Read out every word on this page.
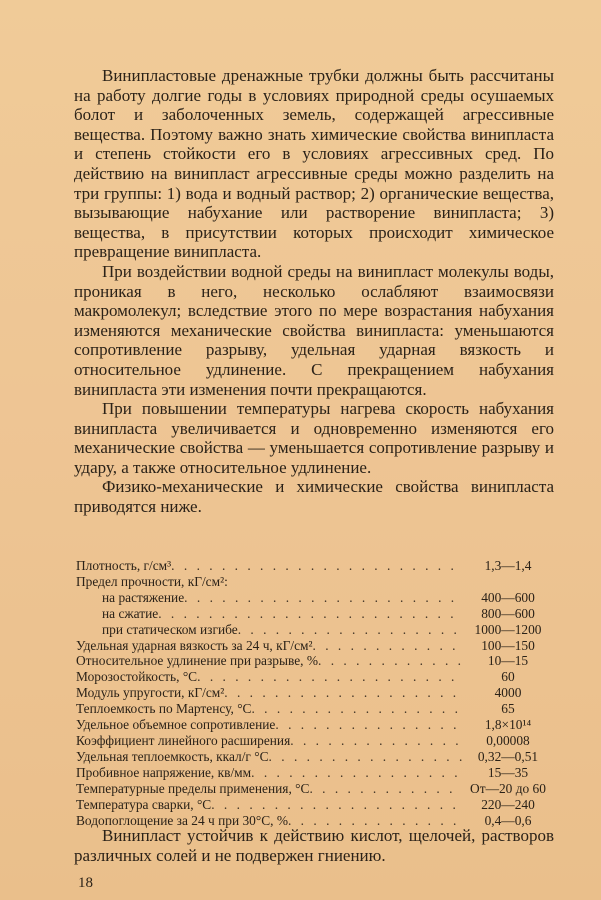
Винипластовые дренажные трубки должны быть рассчитаны на работу долгие годы в условиях природной среды осушаемых болот и заболоченных земель, содержащей агрессивные вещества. Поэтому важно знать химические свойства винипласта и степень стойкости его в условиях агрессивных сред. По действию на винипласт агрессивные среды можно разделить на три группы: 1) вода и водный раствор; 2) органические вещества, вызывающие набухание или растворение винипласта; 3) вещества, в присутствии которых происходит химическое превращение винипласта.

При воздействии водной среды на винипласт молекулы воды, проникая в него, несколько ослабляют взаимосвязи макромолекул; вследствие этого по мере возрастания набухания изменяются механические свойства винипласта: уменьшаются сопротивление разрыву, удельная ударная вязкость и относительное удлинение. С прекращением набухания винипласта эти изменения почти прекращаются.

При повышении температуры нагрева скорость набухания винипласта увеличивается и одновременно изменяются его механические свойства — уменьшается сопротивление разрыву и удару, а также относительное удлинение.

Физико-механические и химические свойства винипласта приводятся ниже.

Плотность, г/см³ . . .	1,3—1,4
Предел прочности, кГ/см²:
на растяжение . . .	400—600
на сжатие . . .	800—600
при статическом изгибе . . .	1000—1200
Удельная ударная вязкость за 24 ч, кГ/см² . . .	100—150
Относительное удлинение при разрыве, % . . .	10—15
Морозостойкость, °С . . .	60
Модуль упругости, кГ/см² . . .	4000
Теплоемкость по Мартенсу, °С . . .	65
Удельное объемное сопротивление . . .	1,8×10¹⁴
Коэффициент линейного расширения . . .	0,00008
Удельная теплоемкость, ккал/г °С . . .	0,32—0,51
Пробивное напряжение, кв/мм . . .	15—35
Температурные пределы применения, °С . . .	От—20 до 60
Температура сварки, °С . . .	220—240
Водопоглощение за 24 ч при 30°С, % . . .	0,4—0,6

Винипласт устойчив к действию кислот, щелочей, растворов различных солей и не подвержен гниению.

18
